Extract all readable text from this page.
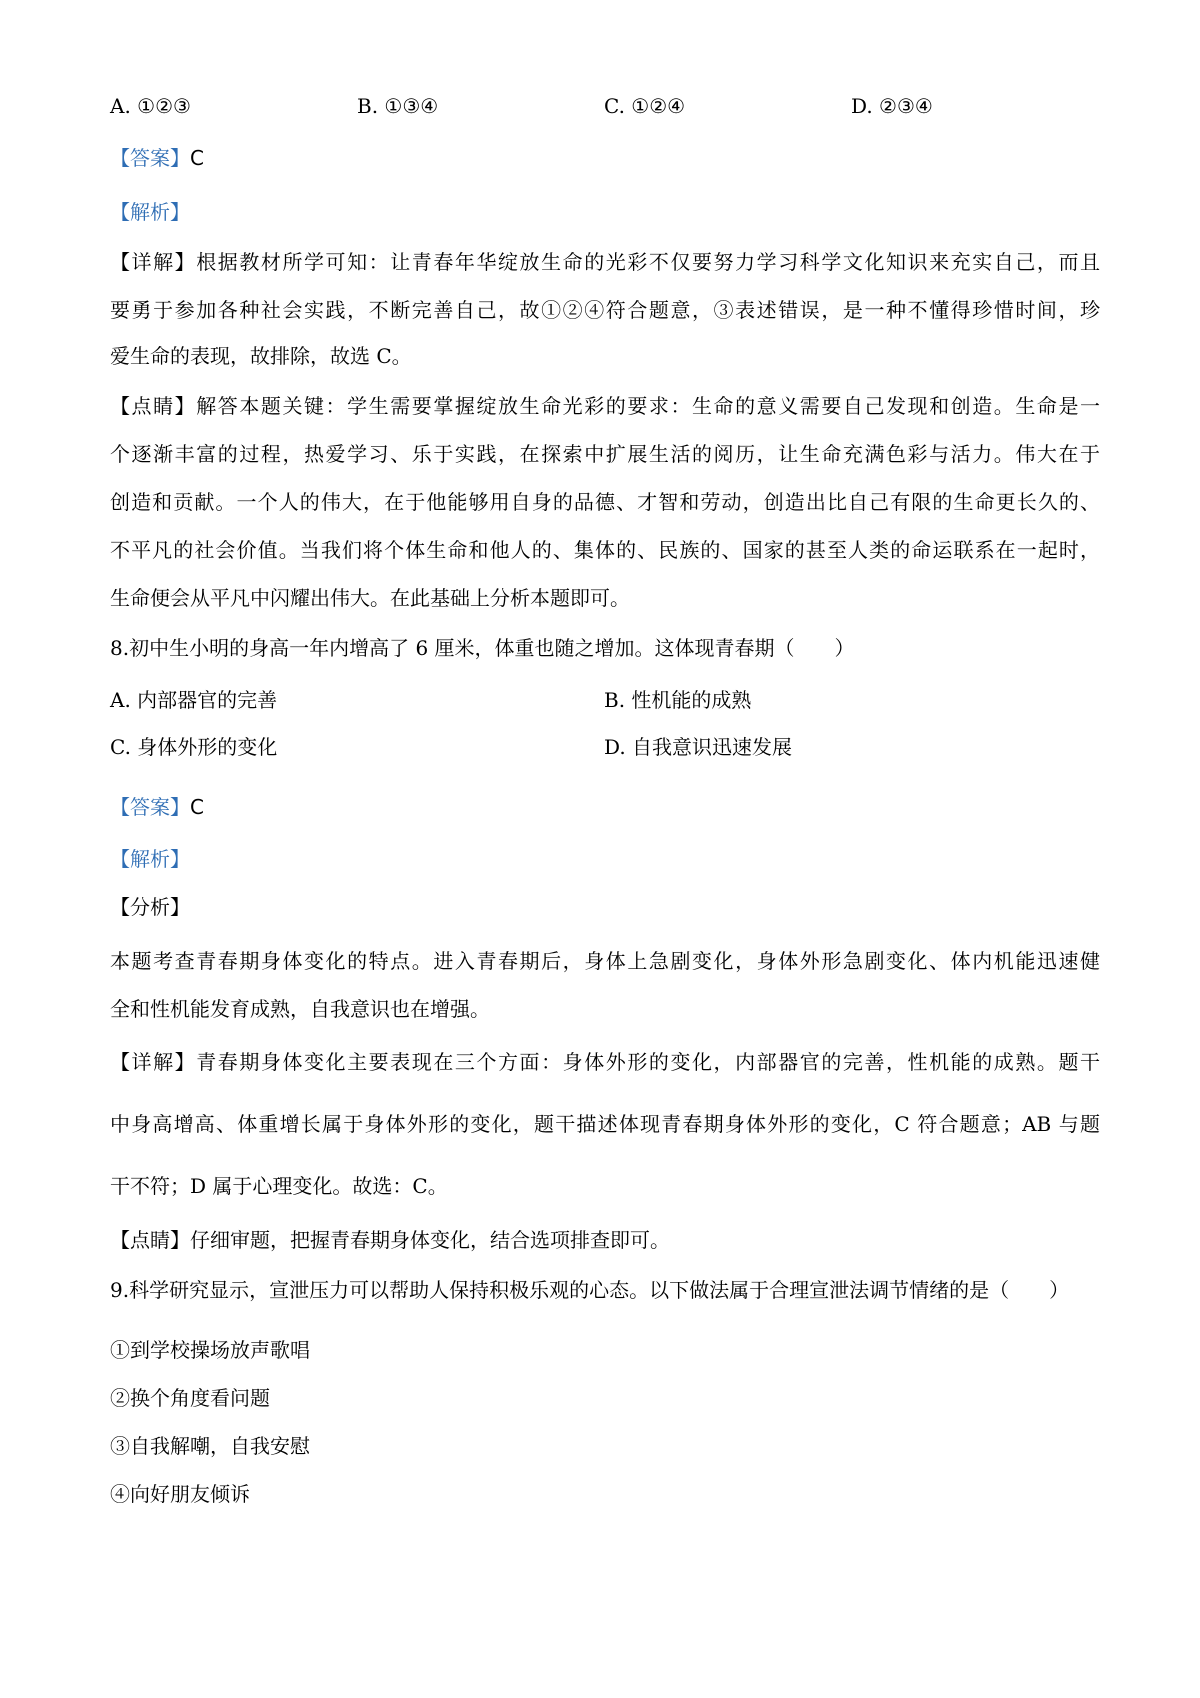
A. ①②③	B. ①③④	C. ①②④	D. ②③④
【答案】C
【解析】
【详解】根据教材所学可知：让青春年华绽放生命的光彩不仅要努力学习科学文化知识来充实自己，而且
要勇于参加各种社会实践，不断完善自己，故①②④符合题意，③表述错误，是一种不懂得珍惜时间，珍
爱生命的表现，故排除，故选 C。
【点睛】解答本题关键：学生需要掌握绽放生命光彩的要求：生命的意义需要自己发现和创造。生命是一
个逐渐丰富的过程，热爱学习、乐于实践，在探索中扩展生活的阅历，让生命充满色彩与活力。伟大在于
创造和贡献。一个人的伟大，在于他能够用自身的品德、才智和劳动，创造出比自己有限的生命更长久的、
不平凡的社会价值。当我们将个体生命和他人的、集体的、民族的、国家的甚至人类的命运联系在一起时，
生命便会从平凡中闪耀出伟大。在此基础上分析本题即可。
8.初中生小明的身高一年内增高了 6 厘米，体重也随之增加。这体现青春期（　　）
A. 内部器官的完善	B. 性机能的成熟
C. 身体外形的变化	D. 自我意识迅速发展
【答案】C
【解析】
【分析】
本题考查青春期身体变化的特点。进入青春期后，身体上急剧变化，身体外形急剧变化、体内机能迅速健
全和性机能发育成熟，自我意识也在增强。
【详解】青春期身体变化主要表现在三个方面：身体外形的变化，内部器官的完善，性机能的成熟。题干
中身高增高、体重增长属于身体外形的变化，题干描述体现青春期身体外形的变化，C 符合题意；AB 与题
干不符；D 属于心理变化。故选：C。
【点睛】仔细审题，把握青春期身体变化，结合选项排查即可。
9.科学研究显示，宣泄压力可以帮助人保持积极乐观的心态。以下做法属于合理宣泄法调节情绪的是（　　）
①到学校操场放声歌唱
②换个角度看问题
③自我解嘲，自我安慰
④向好朋友倾诉
